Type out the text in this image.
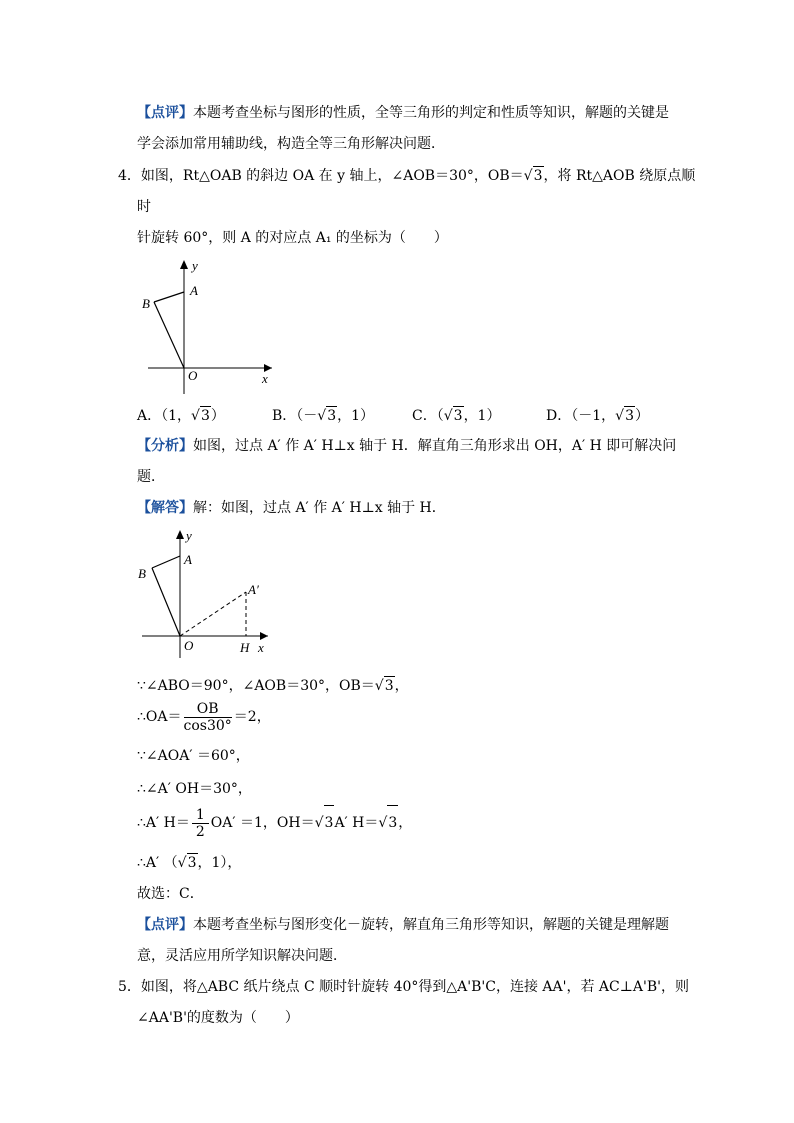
【点评】本题考查坐标与图形的性质，全等三角形的判定和性质等知识，解题的关键是
学会添加常用辅助线，构造全等三角形解决问题．
4．如图，Rt△OAB 的斜边 OA 在 y 轴上，∠AOB＝30°，OB＝√3，将 Rt△AOB 绕原点顺
时
针旋转 60°，则 A 的对应点 A₁ 的坐标为（　　）
y
A
B
O	x
A．（1，√3）	B．（－√3，1）	C．（√3，1）	D．（－1，√3）
【分析】如图，过点 A′ 作 A′ H⊥x 轴于 H．解直角三角形求出 OH，A′ H 即可解决问
题．
【解答】解：如图，过点 A′ 作 A′ H⊥x 轴于 H．
y
A
B
A′
O	H x
∵∠ABO＝90°，∠AOB＝30°，OB＝√3，
∴OA＝ $\frac{OB}{\cos 30^\circ} =2$，
∵∠AOA′ ＝60°，
∴∠A′ OH＝30°，
∴A′ $H= \frac{1}{2} OA' =1$，OH＝√3A′ H＝√3，
∴A′ （√3，1），
故选：C．
【点评】本题考查坐标与图形变化－旋转，解直角三角形等知识，解题的关键是理解题
意，灵活应用所学知识解决问题．
5．如图，将△ABC 纸片绕点 C 顺时针旋转 40°得到△A'B'C，连接 AA'，若 AC⊥A'B'，则
∠AA'B'的度数为（　　）
